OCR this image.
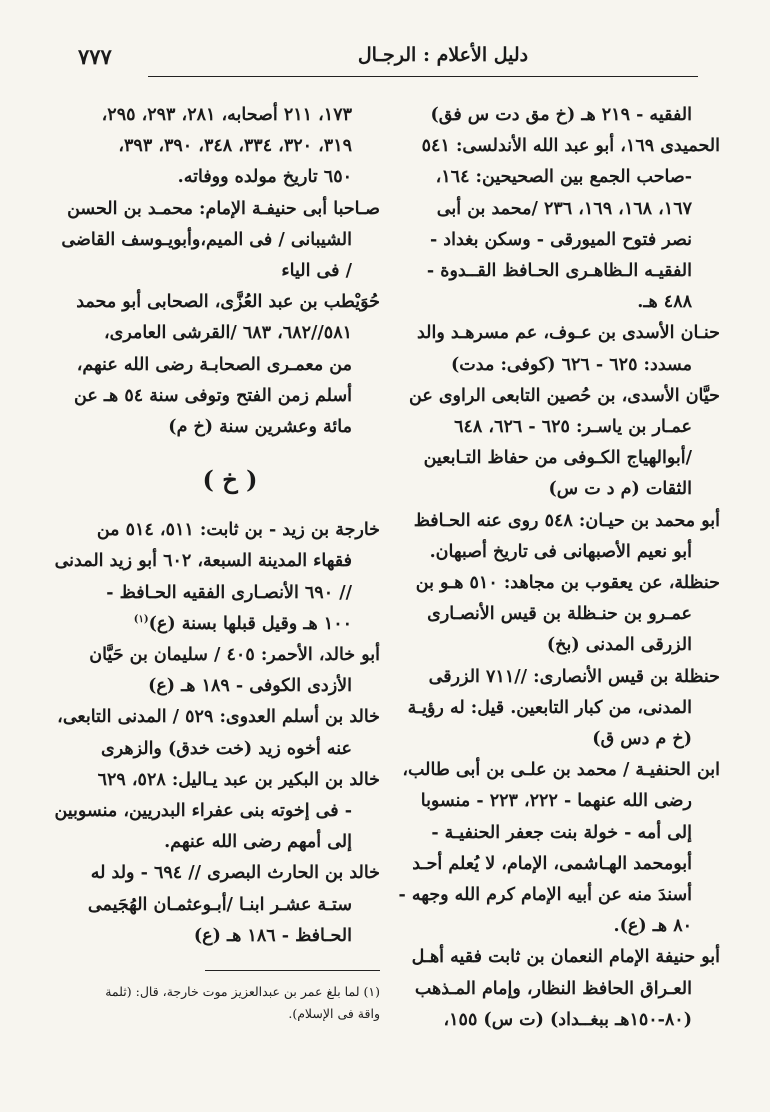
٧٧٧	دليل الأعلام : الرجـال
الفقيه - ٢١٩ هـ (خ مق دت س فق)
الحميدى ١٦٩، أبو عبد الله الأندلسى: ٥٤١
-صاحب الجمع بين الصحيحين: ١٦٤،
١٦٧، ١٦٨، ١٦٩، ٢٣٦ /محمد بن أبى
نصر فتوح الميورقى - وسكن بغداد -
الفقيـه الـظاهـرى الحـافظ القــدوة -
٤٨٨ هـ.
حنـان الأسدى بن عـوف، عم مسرهـد والد
مسدد: ٦٢٥ - ٦٢٦ (كوفى: مدت)
حيَّان الأسدى، بن حُصين التابعى الراوى عن
عمـار بن ياسـر: ٦٢٥ - ٦٢٦، ٦٤٨
/أبوالهياج الكـوفى من حفاظ التـابعين
الثقات (م د ت س)
أبو محمد بن حيـان: ٥٤٨ روى عنه الحـافظ
أبو نعيم الأصبهانى فى تاريخ أصبهان.
حنظلة، عن يعقوب بن مجاهد: ٥١٠ هـو بن
عمـرو بن حنـظلة بن قيس الأنصـارى
الزرقى المدنى (بخ)
حنظلة بن قيس الأنصارى: //٧١١ الزرقى
المدنى، من كبار التابعين. قيل: له رؤيـة
(خ م دس ق)
ابن الحنفيـة / محمد بن علـى بن أبى طالب،
رضى الله عنهما - ٢٢٢، ٢٢٣ - منسوبا
إلى أمه - خولة بنت جعفر الحنفيـة -
أبومحمد الهـاشمى، الإمام، لا يُعلم أحـد
أسندَ منه عن أبيه الإمام كرم الله وجهه -
٨٠ هـ (ع).
أبو حنيفة الإمام النعمان بن ثابت فقيه أهـل
العـراق الحافظ النظار، وإمام المـذهب
(٨٠-١٥٠هـ ببغــداد) (ت س) ١٥٥،
١٧٣، ٢١١ أصحابه، ٢٨١، ٢٩٣، ٢٩٥،
٣١٩، ٣٢٠، ٣٣٤، ٣٤٨، ٣٩٠، ٣٩٣،
٦٥٠ تاريخ مولده ووفاته.
صـاحبا أبى حنيفـة الإمام: محمـد بن الحسن
الشيبانى / فى الميم،وأبويـوسف القاضى
/ فى الياء
حُوَيْطب بن عبد العُزَّى، الصحابى أبو محمد
٥٨١//٦٨٢، ٦٨٣ /القرشى العامرى،
من معمـرى الصحابـة رضى الله عنهم،
أسلم زمن الفتح وتوفى سنة ٥٤ هـ عن
مائة وعشرين سنة (خ م)
( خ )
خارجة بن زيد - بن ثابت: ٥١١، ٥١٤ من
فقهاء المدينة السبعة، ٦٠٢ أبو زيد المدنى
// ٦٩٠ الأنصـارى الفقيه الحـافظ -
١٠٠ هـ وقيل قبلها بسنة (ع)$^{(١)}$
أبو خالد، الأحمر: ٤٠٥ / سليمان بن حَيَّان
الأزدى الكوفى - ١٨٩ هـ (ع)
خالد بن أسلم العدوى: ٥٢٩ / المدنى التابعى،
عنه أخوه زيد (خت خدق) والزهرى
خالد بن البكير بن عبد يـاليل: ٥٢٨، ٦٢٩
- فى إخوته بنى عفراء البدريين، منسوبين
إلى أمهم رضى الله عنهم.
خالد بن الحارث البصرى // ٦٩٤ - ولد له
ستـة عشـر ابنـا /أبـوعثمـان الهُجَيمى
الحـافظ - ١٨٦ هـ (ع)
(١) لما بلغ عمر بن عبدالعزيز موت خارجة، قال: (ثلمة
واقة فى الإسلام).
